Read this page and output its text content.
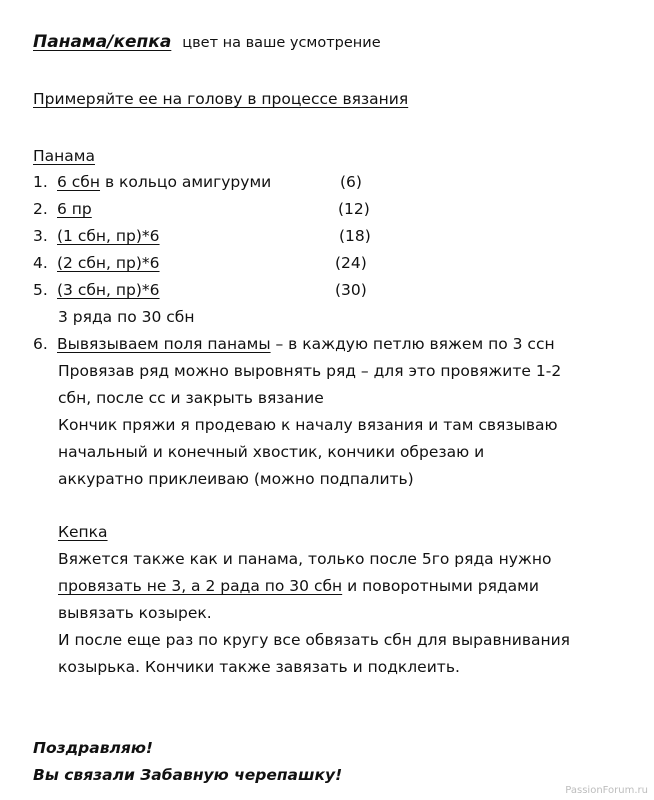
Панама/кепка цвет на ваше усмотрение
Примеряйте ее на голову в процессе вязания
Панама
1. 6 сбн в кольцо амигуруми	(6)
2. 6 пр	(12)
3. (1 сбн, пр)*6	(18)
4. (2 сбн, пр)*6	(24)
5. (3 сбн, пр)*6	(30)
3 ряда по 30 сбн
6. Вывязываем поля панамы – в каждую петлю вяжем по 3 ссн
Провязав ряд можно выровнять ряд – для это провяжите 1-2
сбн, после сс и закрыть вязание
Кончик пряжи я продеваю к началу вязания и там связываю
начальный и конечный хвостик, кончики обрезаю и
аккуратно приклеиваю (можно подпалить)
Кепка
Вяжется также как и панама, только после 5го ряда нужно
провязать не 3, а 2 рада по 30 сбн и поворотными рядами
вывязать козырек.
И после еще раз по кругу все обвязать сбн для выравнивания
козырька. Кончики также завязать и подклеить.
Поздравляю!
Вы связали Забавную черепашку!
PassionForum.ru
